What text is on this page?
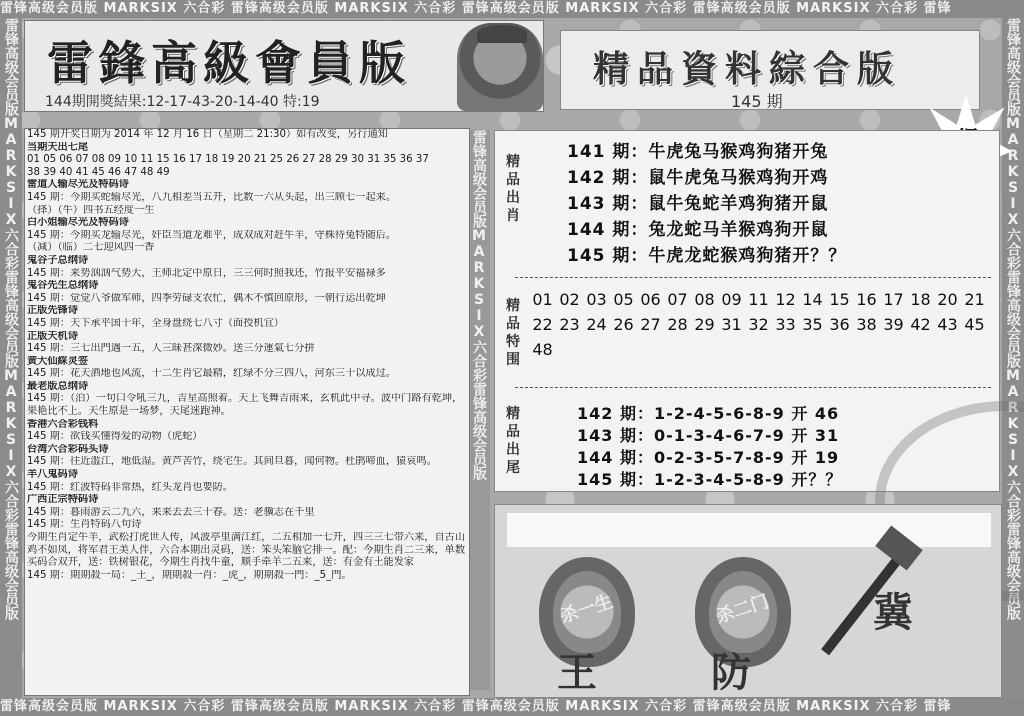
雷锋高级会员版 MARKSIX 六合彩 雷锋高级会员版 MARKSIX 六合彩 雷锋高级会员版 MARKSIX 六合彩 雷锋高级会员版 MARKSIX 六合彩 雷锋
雷锋高级会员版 MARKSIX 六合彩 雷锋高级会员版 MARKSIX 六合彩 雷锋高级会员版 MARKSIX 六合彩 雷锋高级会员版 MARKSIX 六合彩 雷锋
雷锋高级会员版MARKSIX六合彩雷锋高级会员版MARKSIX六合彩雷锋高级会员版	雷锋高级会员版MARKSIX六合彩雷锋高级会员版MARKSIX六合彩雷锋高级会员版
雷锋高级会员版MARKSIX六合彩雷锋高级会员版
雷鋒高級會員版
144期開獎結果:12-17-43-20-14-40 特:19
精品資料綜合版
145 期
145 期开奖日期为 2014 年 12 月 16 日（星期二 21:30）如有改变，另行通知
当期天出七尾
01 05 06 07 08 09 10 11 15 16 17 18 19 20 21 25 26 27 28 29 30 31 35 36 37
38 39 40 41 45 46 47 48 49
雷道人输尽光及特码诗
145 期：今期买蛇输尽光，八九相差当五开，比数一六从头起，出三顾七一起来。
（择）（牛）四书五经度一生
白小姐输尽光及特码诗
145 期：今期买龙输尽光，奸臣当道龙难平，成双成对赶牛羊，守株待兔特随后。
（减）（临）二七迎风四一香
鬼谷子总纲诗
145 期：来势汹汹气势大，王师北定中原日，三三何时照我还，竹报平安福禄多
鬼谷先生总纲诗
145 期：觉觉八爷做军师，四季劳碌支农忙，偶木不慎回原形，一朝行运出乾坤
正版先锋诗
145 期：天下承平国十年，全身盘绕七八寸（面授机宜）
正版天机诗
145 期：三七出門遇一五，人三昧甚深微妙。送三分運氣七分拼
黄大仙綵灵签
145 期：花天酒地也风流，十二生肖它最精，红绿不分三四八，河东三十以成过。
最老版总纲诗
145 期：（泊）一句口令吼三九，吉星高照着。天上飞舞吉雨来，玄机此中寻。波中门路有乾坤，果艳比不上。天生原是一场梦，天尾迷跑神。
香港六合彩钱料
145 期：欲钱买懂得爱的动物（虎蛇）
台湾六合彩码头诗
145 期：往近滥江，地低湿。黄芦苦竹，绕宅生。其间旦暮，闻何物。杜鹃啼血，猿哀鸣。
羊八鬼码诗
145 期：红波特码非常热，红头龙肖也要防。
广西正宗特码诗
145 期：暮雨游云二九六，来来去去三十春。送：老骥志在千里
145 期：生肖特码八句诗
今期生肖定牛羊，武松打虎世人传，风波亭里满江红，二五相加一七开，四三三七带六来，自古山鸡不如凤，将军君王美人伴，六合本期出灵码，送：笨头笨脑它排一。配：今期生肖二三来，单数买码合双开，送：铁树银花，今期生肖找牛童，顺手牵羊二五来，送：有金有土能发家
145 期：期期殺一局：_土_，期期殺一肖：_虎_，期期殺一門：_5_門。
精品出肖
141 期：牛虎兔马猴鸡狗猪开兔
142 期：鼠牛虎兔马猴鸡狗开鸡
143 期：鼠牛兔蛇羊鸡狗猪开鼠
144 期：兔龙蛇马羊猴鸡狗开鼠
145 期：牛虎龙蛇猴鸡狗猪开？？
精品特围
01 02 03 05 06 07 08 09 11 12 14 15 16 17 18 20 2122 23 24 26 27 28 29 31 32 33 35 36 38 39 42 43 4548
精品出尾
142 期：1-2-4-5-6-8-9 开 46
143 期：0-1-3-4-6-7-9 开 31
144 期：0-2-3-5-7-8-9 开 19
145 期：1-2-3-4-5-8-9 开？？
杀一生
王
杀二门
防
冀
